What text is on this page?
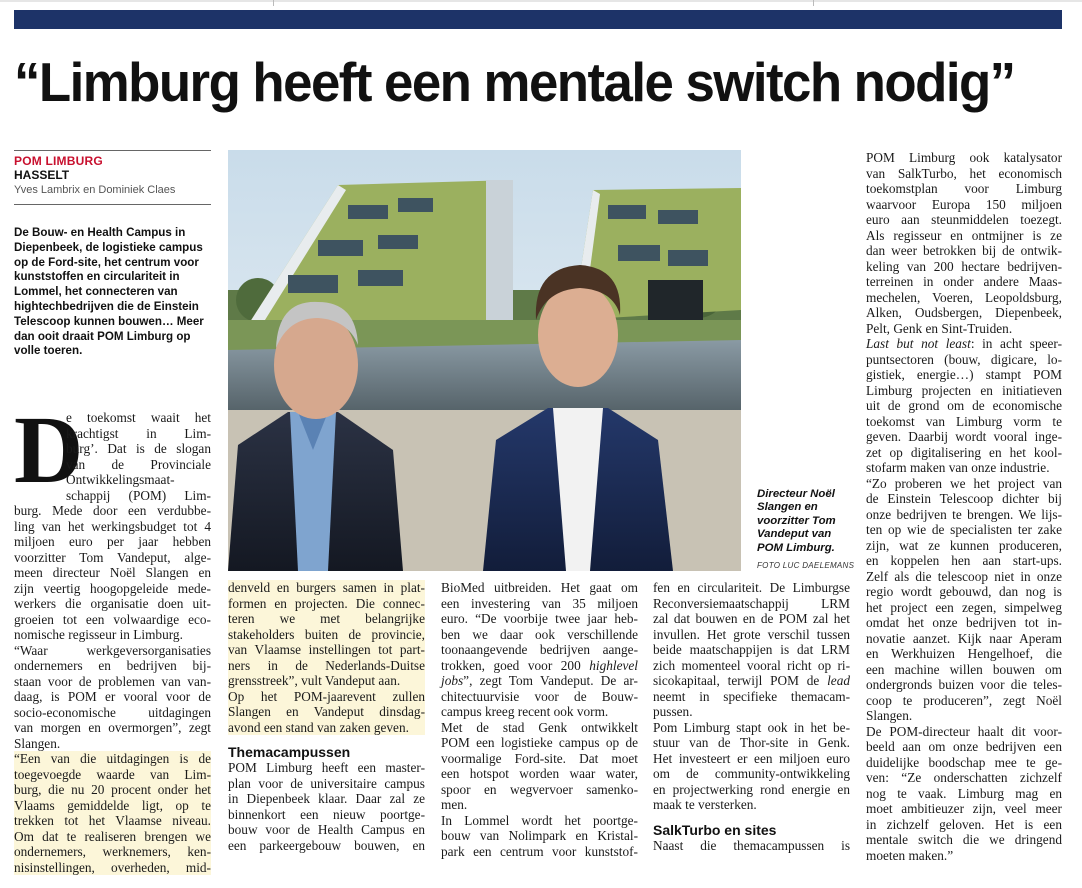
“Limburg heeft een mentale switch nodig”
POM LIMBURG
HASSELT
Yves Lambrix en Dominiek Claes

De Bouw- en Health Campus in Diepenbeek, de logistieke campus op de Ford-site, het centrum voor kunststoffen en circulariteit in Lommel, het connecteren van hightechbedrijven die de Einstein Telescoop kunnen bouwen… Meer dan ooit draait POM Limburg op volle toeren.

Directeur Noël Slangen en voorzitter Tom Vandeput van POM Limburg.
FOTO LUC DAELEMANS
D

e toekomst waait het
krachtigst in Lim-
burg’. Dat is de slogan
van de Provinciale
Ontwikkelingsmaat-
schappij (POM) Lim-

burg. Mede door een verdubbe-
ling van het werkingsbudget tot 4
miljoen euro per jaar hebben
voorzitter Tom Vandeput, alge-
meen directeur Noël Slangen en
zijn veertig hoogopgeleide mede-
werkers die organisatie doen uit-
groeien tot een volwaardige eco-
nomische regisseur in Limburg.

“Waar werkgeversorganisaties
ondernemers en bedrijven bij-
staan voor de problemen van van-
daag, is POM er vooral voor de
socio-economische uitdagingen
van morgen en overmorgen”, zegt
Slangen.

“Een van die uitdagingen is de
toegevoegde waarde van Lim-
burg, die nu 20 procent onder het
Vlaams gemiddelde ligt, op te
trekken tot het Vlaamse niveau.
Om dat te realiseren brengen we
ondernemers, werknemers, ken-
nisinstellingen, overheden, mid-

denveld en burgers samen in plat-
formen en projecten. Die connec-
teren we met belangrijke
stakeholders buiten de provincie,
van Vlaamse instellingen tot part-
ners in de Nederlands-Duitse
grensstreek”, vult Vandeput aan.

Op het POM-jaarevent zullen
Slangen en Vandeput dinsdag-
avond een stand van zaken geven.

Themacampussen

POM Limburg heeft een master-
plan voor de universitaire campus
in Diepenbeek klaar. Daar zal ze
binnenkort een nieuw poortge-
bouw voor de Health Campus en
een parkeergebouw bouwen, en

BioMed uitbreiden. Het gaat om
een investering van 35 miljoen
euro. “De voorbije twee jaar heb-
ben we daar ook verschillende
toonaangevende bedrijven aange-
trokken, goed voor 200 highlevel
jobs”, zegt Tom Vandeput. De ar-
chitectuurvisie voor de Bouw-
campus kreeg recent ook vorm.

Met de stad Genk ontwikkelt
POM een logistieke campus op de
voormalige Ford-site. Dat moet
een hotspot worden waar water,
spoor en wegvervoer samenko-
men.

In Lommel wordt het poortge-
bouw van Nolimpark en Kristal-
park een centrum voor kunststof-

fen en circulariteit. De Limburgse
Reconversiemaatschappij LRM
zal dat bouwen en de POM zal het
invullen. Het grote verschil tussen
beide maatschappijen is dat LRM
zich momenteel vooral richt op ri-
sicokapitaal, terwijl POM de lead
neemt in specifieke themacam-
pussen.

Pom Limburg stapt ook in het be-
stuur van de Thor-site in Genk.
Het investeert er een miljoen euro
om de community-ontwikkeling
en projectwerking rond energie en
maak te versterken.

SalkTurbo en sites

Naast die themacampussen is

POM Limburg ook katalysator
van SalkTurbo, het economisch
toekomstplan voor Limburg
waarvoor Europa 150 miljoen
euro aan steunmiddelen toezegt.
Als regisseur en ontmijner is ze
dan weer betrokken bij de ontwik-
keling van 200 hectare bedrijven-
terreinen in onder andere Maas-
mechelen, Voeren, Leopoldsburg,
Alken, Oudsbergen, Diepenbeek,
Pelt, Genk en Sint-Truiden.

Last but not least: in acht speer-
puntsectoren (bouw, digicare, lo-
gistiek, energie…) stampt POM
Limburg projecten en initiatieven
uit de grond om de economische
toekomst van Limburg vorm te
geven. Daarbij wordt vooral inge-
zet op digitalisering en het kool-
stofarm maken van onze industrie.

“Zo proberen we het project van
de Einstein Telescoop dichter bij
onze bedrijven te brengen. We lijs-
ten op wie de specialisten ter zake
zijn, wat ze kunnen produceren,
en koppelen hen aan start-ups.
Zelf als die telescoop niet in onze
regio wordt gebouwd, dan nog is
het project een zegen, simpelweg
omdat het onze bedrijven tot in-
novatie aanzet. Kijk naar Aperam
en Werkhuizen Hengelhoef, die
een machine willen bouwen om
ondergronds buizen voor die teles-
coop te produceren”, zegt Noël
Slangen.

De POM-directeur haalt dit voor-
beeld aan om onze bedrijven een
duidelijke boodschap mee te ge-
ven: “Ze onderschatten zichzelf
nog te vaak. Limburg mag en
moet ambitieuzer zijn, veel meer
in zichzelf geloven. Het is een
mentale switch die we dringend
moeten maken.”
